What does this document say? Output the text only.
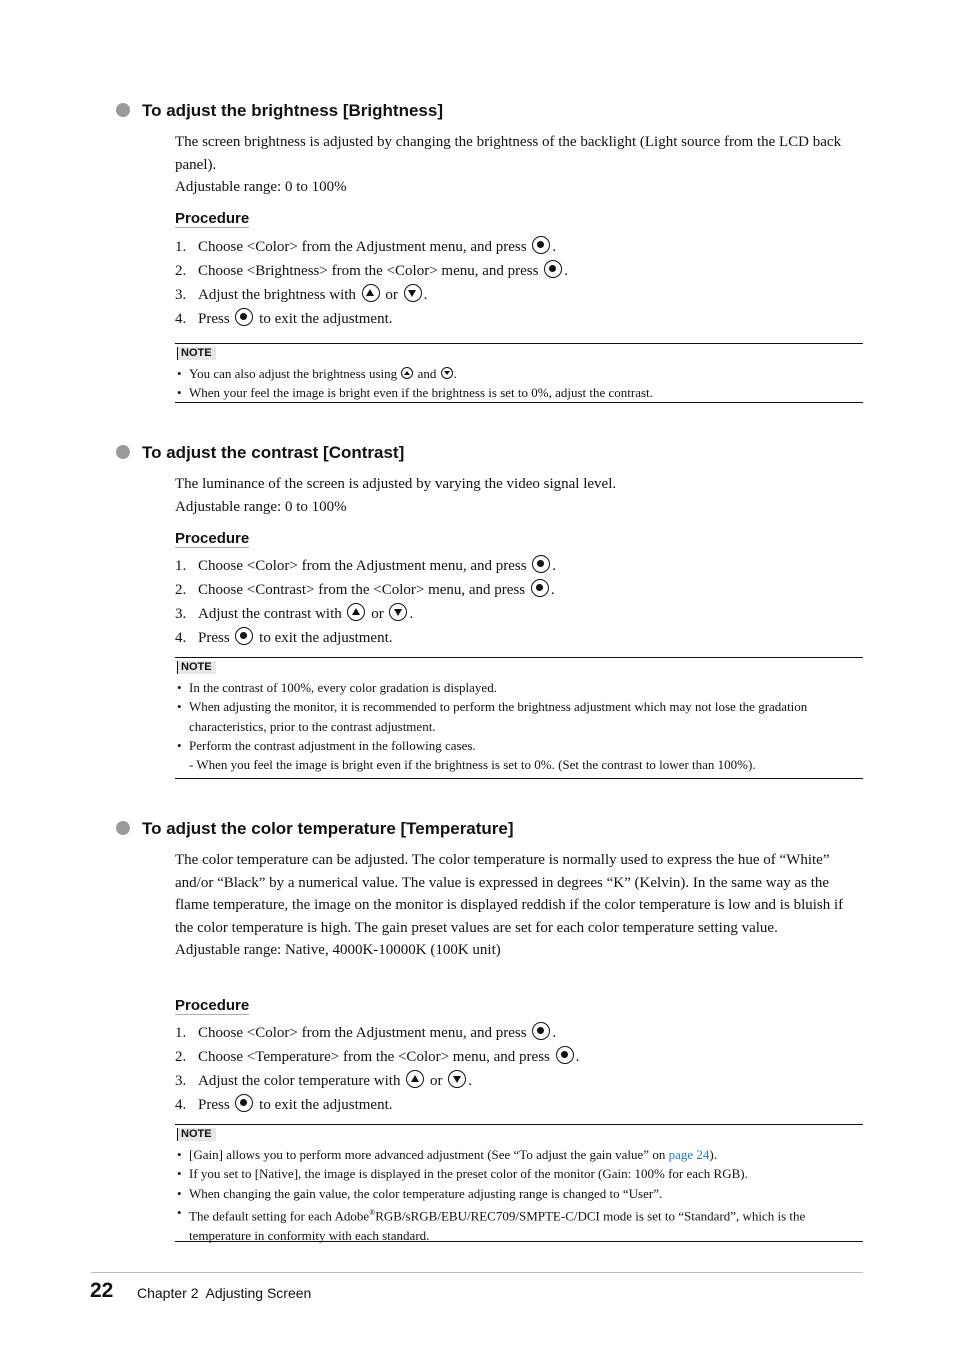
To adjust the brightness [Brightness]

The screen brightness is adjusted by changing the brightness of the backlight (Light source from the LCD back panel).
Adjustable range: 0 to 100%

Procedure
1. Choose <Color> from the Adjustment menu, and press .
2. Choose <Brightness> from the <Color> menu, and press .
3. Adjust the brightness with or .
4. Press to exit the adjustment.
NOTE
• You can also adjust the brightness using and .
• When your feel the image is bright even if the brightness is set to 0%, adjust the contrast.
To adjust the contrast [Contrast]

The luminance of the screen is adjusted by varying the video signal level.
Adjustable range: 0 to 100%

Procedure
1. Choose <Color> from the Adjustment menu, and press .
2. Choose <Contrast> from the <Color> menu, and press .
3. Adjust the contrast with or .
4. Press to exit the adjustment.
NOTE
• In the contrast of 100%, every color gradation is displayed.
• When adjusting the monitor, it is recommended to perform the brightness adjustment which may not lose the gradation characteristics, prior to the contrast adjustment.
• Perform the contrast adjustment in the following cases.
- When you feel the image is bright even if the brightness is set to 0%. (Set the contrast to lower than 100%).
To adjust the color temperature [Temperature]

The color temperature can be adjusted. The color temperature is normally used to express the hue of “White” and/or “Black” by a numerical value. The value is expressed in degrees “K” (Kelvin). In the same way as the flame temperature, the image on the monitor is displayed reddish if the color temperature is low and is bluish if the color temperature is high. The gain preset values are set for each color temperature setting value.
Adjustable range: Native, 4000K-10000K (100K unit)

Procedure
1. Choose <Color> from the Adjustment menu, and press .
2. Choose <Temperature> from the <Color> menu, and press .
3. Adjust the color temperature with or .
4. Press to exit the adjustment.
NOTE
• [Gain] allows you to perform more advanced adjustment (See “To adjust the gain value” on page 24).
• If you set to [Native], the image is displayed in the preset color of the monitor (Gain: 100% for each RGB).
• When changing the gain value, the color temperature adjusting range is changed to “User”.
• The default setting for each Adobe®RGB/sRGB/EBU/REC709/SMPTE-C/DCI mode is set to “Standard”, which is the temperature in conformity with each standard.
22 Chapter 2  Adjusting Screen
